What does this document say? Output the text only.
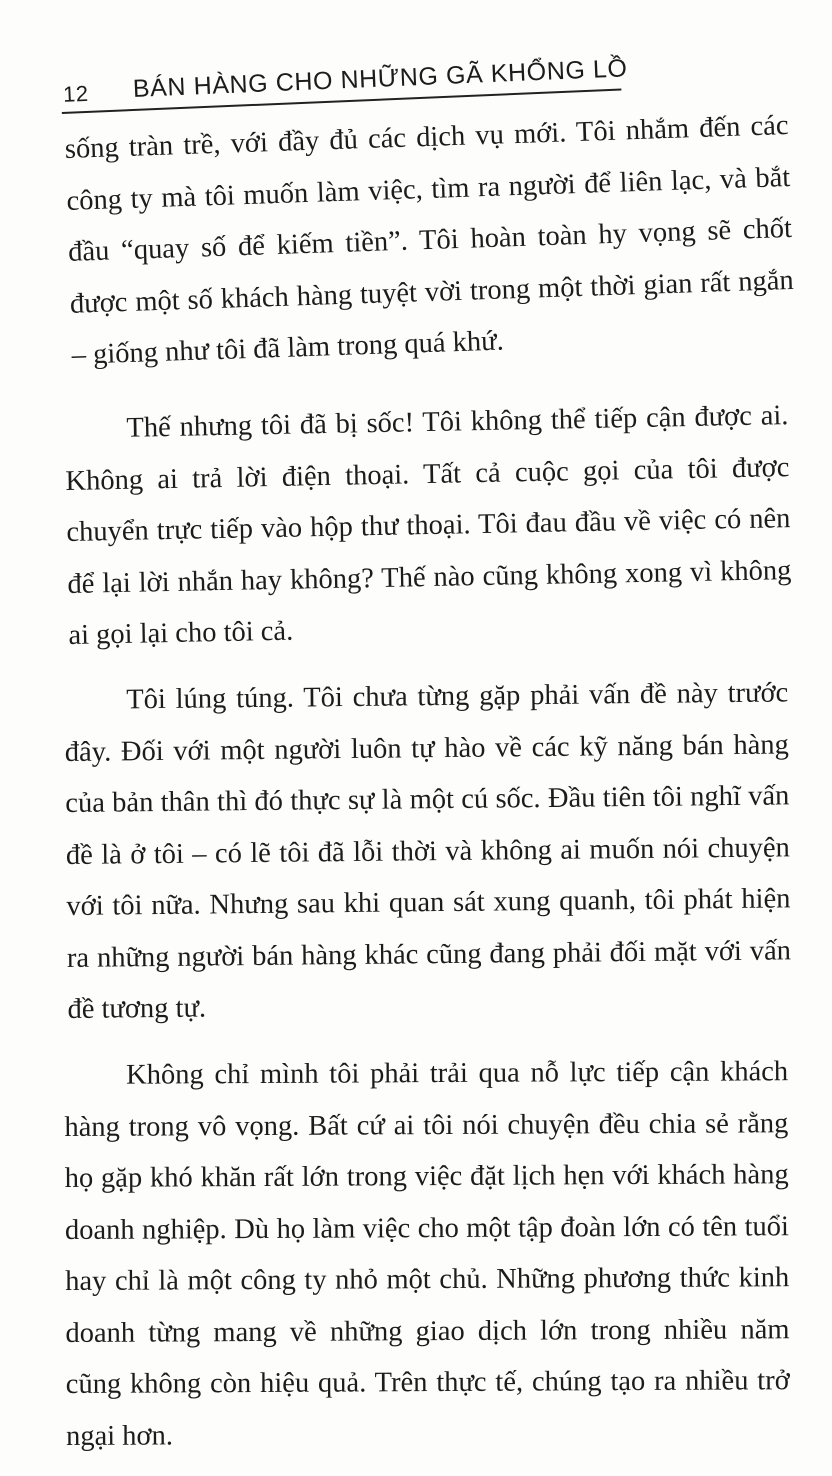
12 BÁN HÀNG CHO NHỮNG GÃ KHỔNG LỒ

sống tràn trề, với đầy đủ các dịch vụ mới. Tôi nhắm đến các công ty mà tôi muốn làm việc, tìm ra người để liên lạc, và bắt đầu “quay số để kiếm tiền”. Tôi hoàn toàn hy vọng sẽ chốt được một số khách hàng tuyệt vời trong một thời gian rất ngắn – giống như tôi đã làm trong quá khứ.

Thế nhưng tôi đã bị sốc! Tôi không thể tiếp cận được ai. Không ai trả lời điện thoại. Tất cả cuộc gọi của tôi được chuyển trực tiếp vào hộp thư thoại. Tôi đau đầu về việc có nên để lại lời nhắn hay không? Thế nào cũng không xong vì không ai gọi lại cho tôi cả.

Tôi lúng túng. Tôi chưa từng gặp phải vấn đề này trước đây. Đối với một người luôn tự hào về các kỹ năng bán hàng của bản thân thì đó thực sự là một cú sốc. Đầu tiên tôi nghĩ vấn đề là ở tôi – có lẽ tôi đã lỗi thời và không ai muốn nói chuyện với tôi nữa. Nhưng sau khi quan sát xung quanh, tôi phát hiện ra những người bán hàng khác cũng đang phải đối mặt với vấn đề tương tự.

Không chỉ mình tôi phải trải qua nỗ lực tiếp cận khách hàng trong vô vọng. Bất cứ ai tôi nói chuyện đều chia sẻ rằng họ gặp khó khăn rất lớn trong việc đặt lịch hẹn với khách hàng doanh nghiệp. Dù họ làm việc cho một tập đoàn lớn có tên tuổi hay chỉ là một công ty nhỏ một chủ. Những phương thức kinh doanh từng mang về những giao dịch lớn trong nhiều năm cũng không còn hiệu quả. Trên thực tế, chúng tạo ra nhiều trở ngại hơn.
